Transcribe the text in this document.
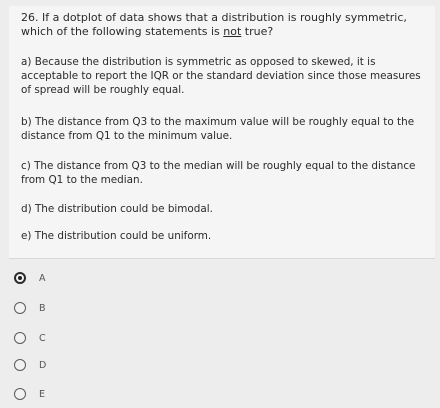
26. If a dotplot of data shows that a distribution is roughly symmetric, which of the following statements is not true?
a) Because the distribution is symmetric as opposed to skewed, it is acceptable to report the IQR or the standard deviation since those measures of spread will be roughly equal.
b) The distance from Q3 to the maximum value will be roughly equal to the distance from Q1 to the minimum value.
c) The distance from Q3 to the median will be roughly equal to the distance from Q1 to the median.
d) The distribution could be bimodal.
e) The distribution could be uniform.
A
B
C
D
E
